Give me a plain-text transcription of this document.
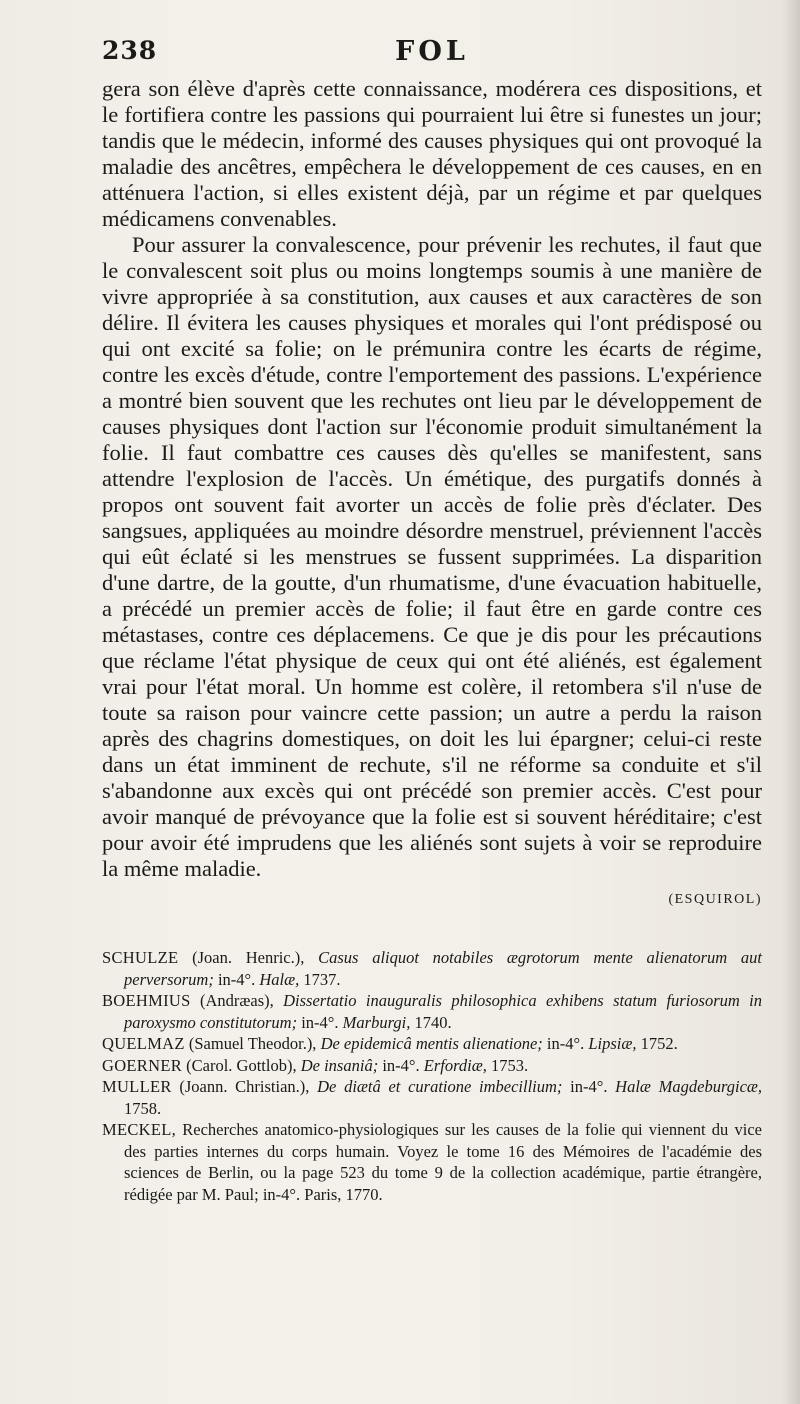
238	FOL

gera son élève d'après cette connaissance, modérera ces dispositions, et le fortifiera contre les passions qui pourraient lui être si funestes un jour; tandis que le médecin, informé des causes physiques qui ont provoqué la maladie des ancêtres, empêchera le développement de ces causes, en en atténuera l'action, si elles existent déjà, par un régime et par quelques médicamens convenables.

Pour assurer la convalescence, pour prévenir les rechutes, il faut que le convalescent soit plus ou moins longtemps soumis à une manière de vivre appropriée à sa constitution, aux causes et aux caractères de son délire. Il évitera les causes physiques et morales qui l'ont prédisposé ou qui ont excité sa folie; on le prémunira contre les écarts de régime, contre les excès d'étude, contre l'emportement des passions. L'expérience a montré bien souvent que les rechutes ont lieu par le développement de causes physiques dont l'action sur l'économie produit simultanément la folie. Il faut combattre ces causes dès qu'elles se manifestent, sans attendre l'explosion de l'accès. Un émétique, des purgatifs donnés à propos ont souvent fait avorter un accès de folie près d'éclater. Des sangsues, appliquées au moindre désordre menstruel, préviennent l'accès qui eût éclaté si les menstrues se fussent supprimées. La disparition d'une dartre, de la goutte, d'un rhumatisme, d'une évacuation habituelle, a précédé un premier accès de folie; il faut être en garde contre ces métastases, contre ces déplacemens. Ce que je dis pour les précautions que réclame l'état physique de ceux qui ont été aliénés, est également vrai pour l'état moral. Un homme est colère, il retombera s'il n'use de toute sa raison pour vaincre cette passion; un autre a perdu la raison après des chagrins domestiques, on doit les lui épargner; celui-ci reste dans un état imminent de rechute, s'il ne réforme sa conduite et s'il s'abandonne aux excès qui ont précédé son premier accès. C'est pour avoir manqué de prévoyance que la folie est si souvent héréditaire; c'est pour avoir été imprudens que les aliénés sont sujets à voir se reproduire la même maladie.

(ESQUIROL)
SCHULZE (Joan. Henric.), Casus aliquot notabiles ægrotorum mente alienatorum aut perversorum; in-4°. Halæ, 1737.
BOEHMIUS (Andræas), Dissertatio inauguralis philosophica exhibens statum furiosorum in paroxysmo constitutorum; in-4°. Marburgi, 1740.
QUELMAZ (Samuel Theodor.), De epidemicâ mentis alienatione; in-4°. Lipsiæ, 1752.
GOERNER (Carol. Gottlob), De insaniâ; in-4°. Erfordiæ, 1753.
MULLER (Joann. Christian.), De diætâ et curatione imbecillium; in-4°. Halæ Magdeburgicæ, 1758.
MECKEL, Recherches anatomico-physiologiques sur les causes de la folie qui viennent du vice des parties internes du corps humain. Voyez le tome 16 des Mémoires de l'académie des sciences de Berlin, ou la page 523 du tome 9 de la collection académique, partie étrangère, rédigée par M. Paul; in-4°. Paris, 1770.
